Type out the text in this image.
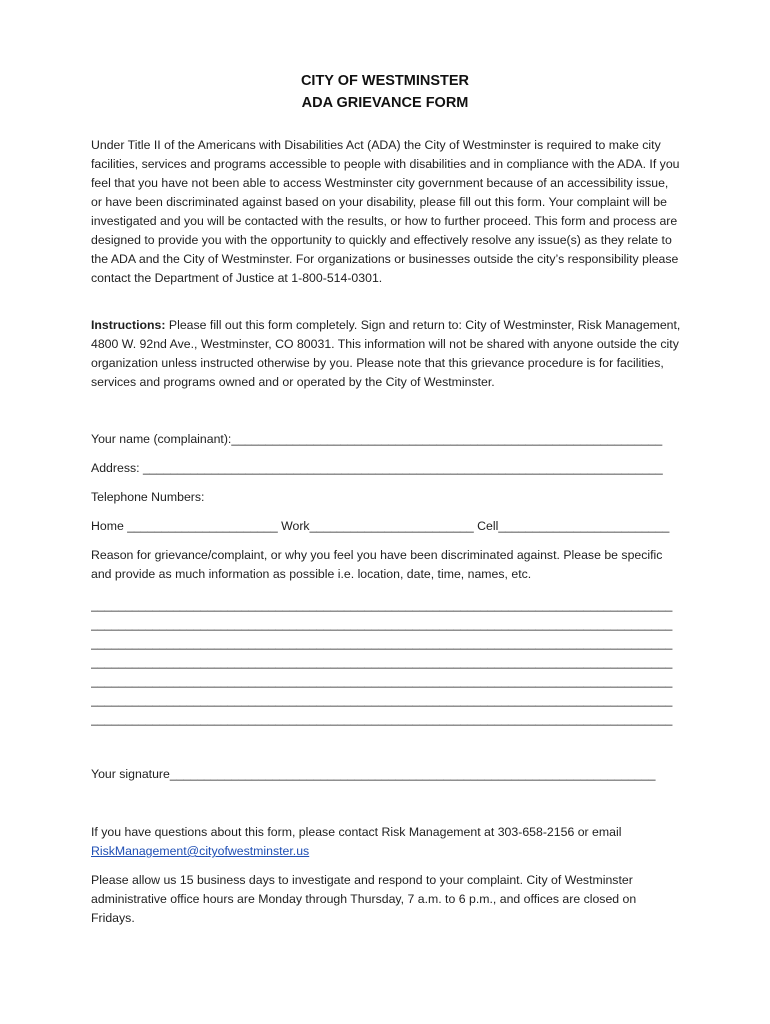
CITY OF WESTMINSTER
ADA GRIEVANCE FORM
Under Title II of the Americans with Disabilities Act (ADA) the City of Westminster is required to make city facilities, services and programs accessible to people with disabilities and in compliance with the ADA. If you feel that you have not been able to access Westminster city government because of an accessibility issue, or have been discriminated against based on your disability, please fill out this form. Your complaint will be investigated and you will be contacted with the results, or how to further proceed. This form and process are designed to provide you with the opportunity to quickly and effectively resolve any issue(s) as they relate to the ADA and the City of Westminster. For organizations or businesses outside the city’s responsibility please contact the Department of Justice at 1-800-514-0301.
Instructions: Please fill out this form completely. Sign and return to: City of Westminster, Risk Management, 4800 W. 92nd Ave., Westminster, CO 80031. This information will not be shared with anyone outside the city organization unless instructed otherwise by you. Please note that this grievance procedure is for facilities, services and programs owned and or operated by the City of Westminster.
Your name (complainant):_______________________________________________________________
Address: ____________________________________________________________________________
Telephone Numbers:
Home ______________________ Work________________________ Cell_________________________
Reason for grievance/complaint, or why you feel you have been discriminated against. Please be specific and provide as much information as possible i.e. location, date, time, names, etc.
_____________________________________________________________________________________
_____________________________________________________________________________________
_____________________________________________________________________________________
_____________________________________________________________________________________
_____________________________________________________________________________________
_____________________________________________________________________________________
_____________________________________________________________________________________
Your signature_______________________________________________________________________
If you have questions about this form, please contact Risk Management at 303-658-2156 or email
RiskManagement@cityofwestminster.us
Please allow us 15 business days to investigate and respond to your complaint. City of Westminster administrative office hours are Monday through Thursday, 7 a.m. to 6 p.m., and offices are closed on Fridays.
